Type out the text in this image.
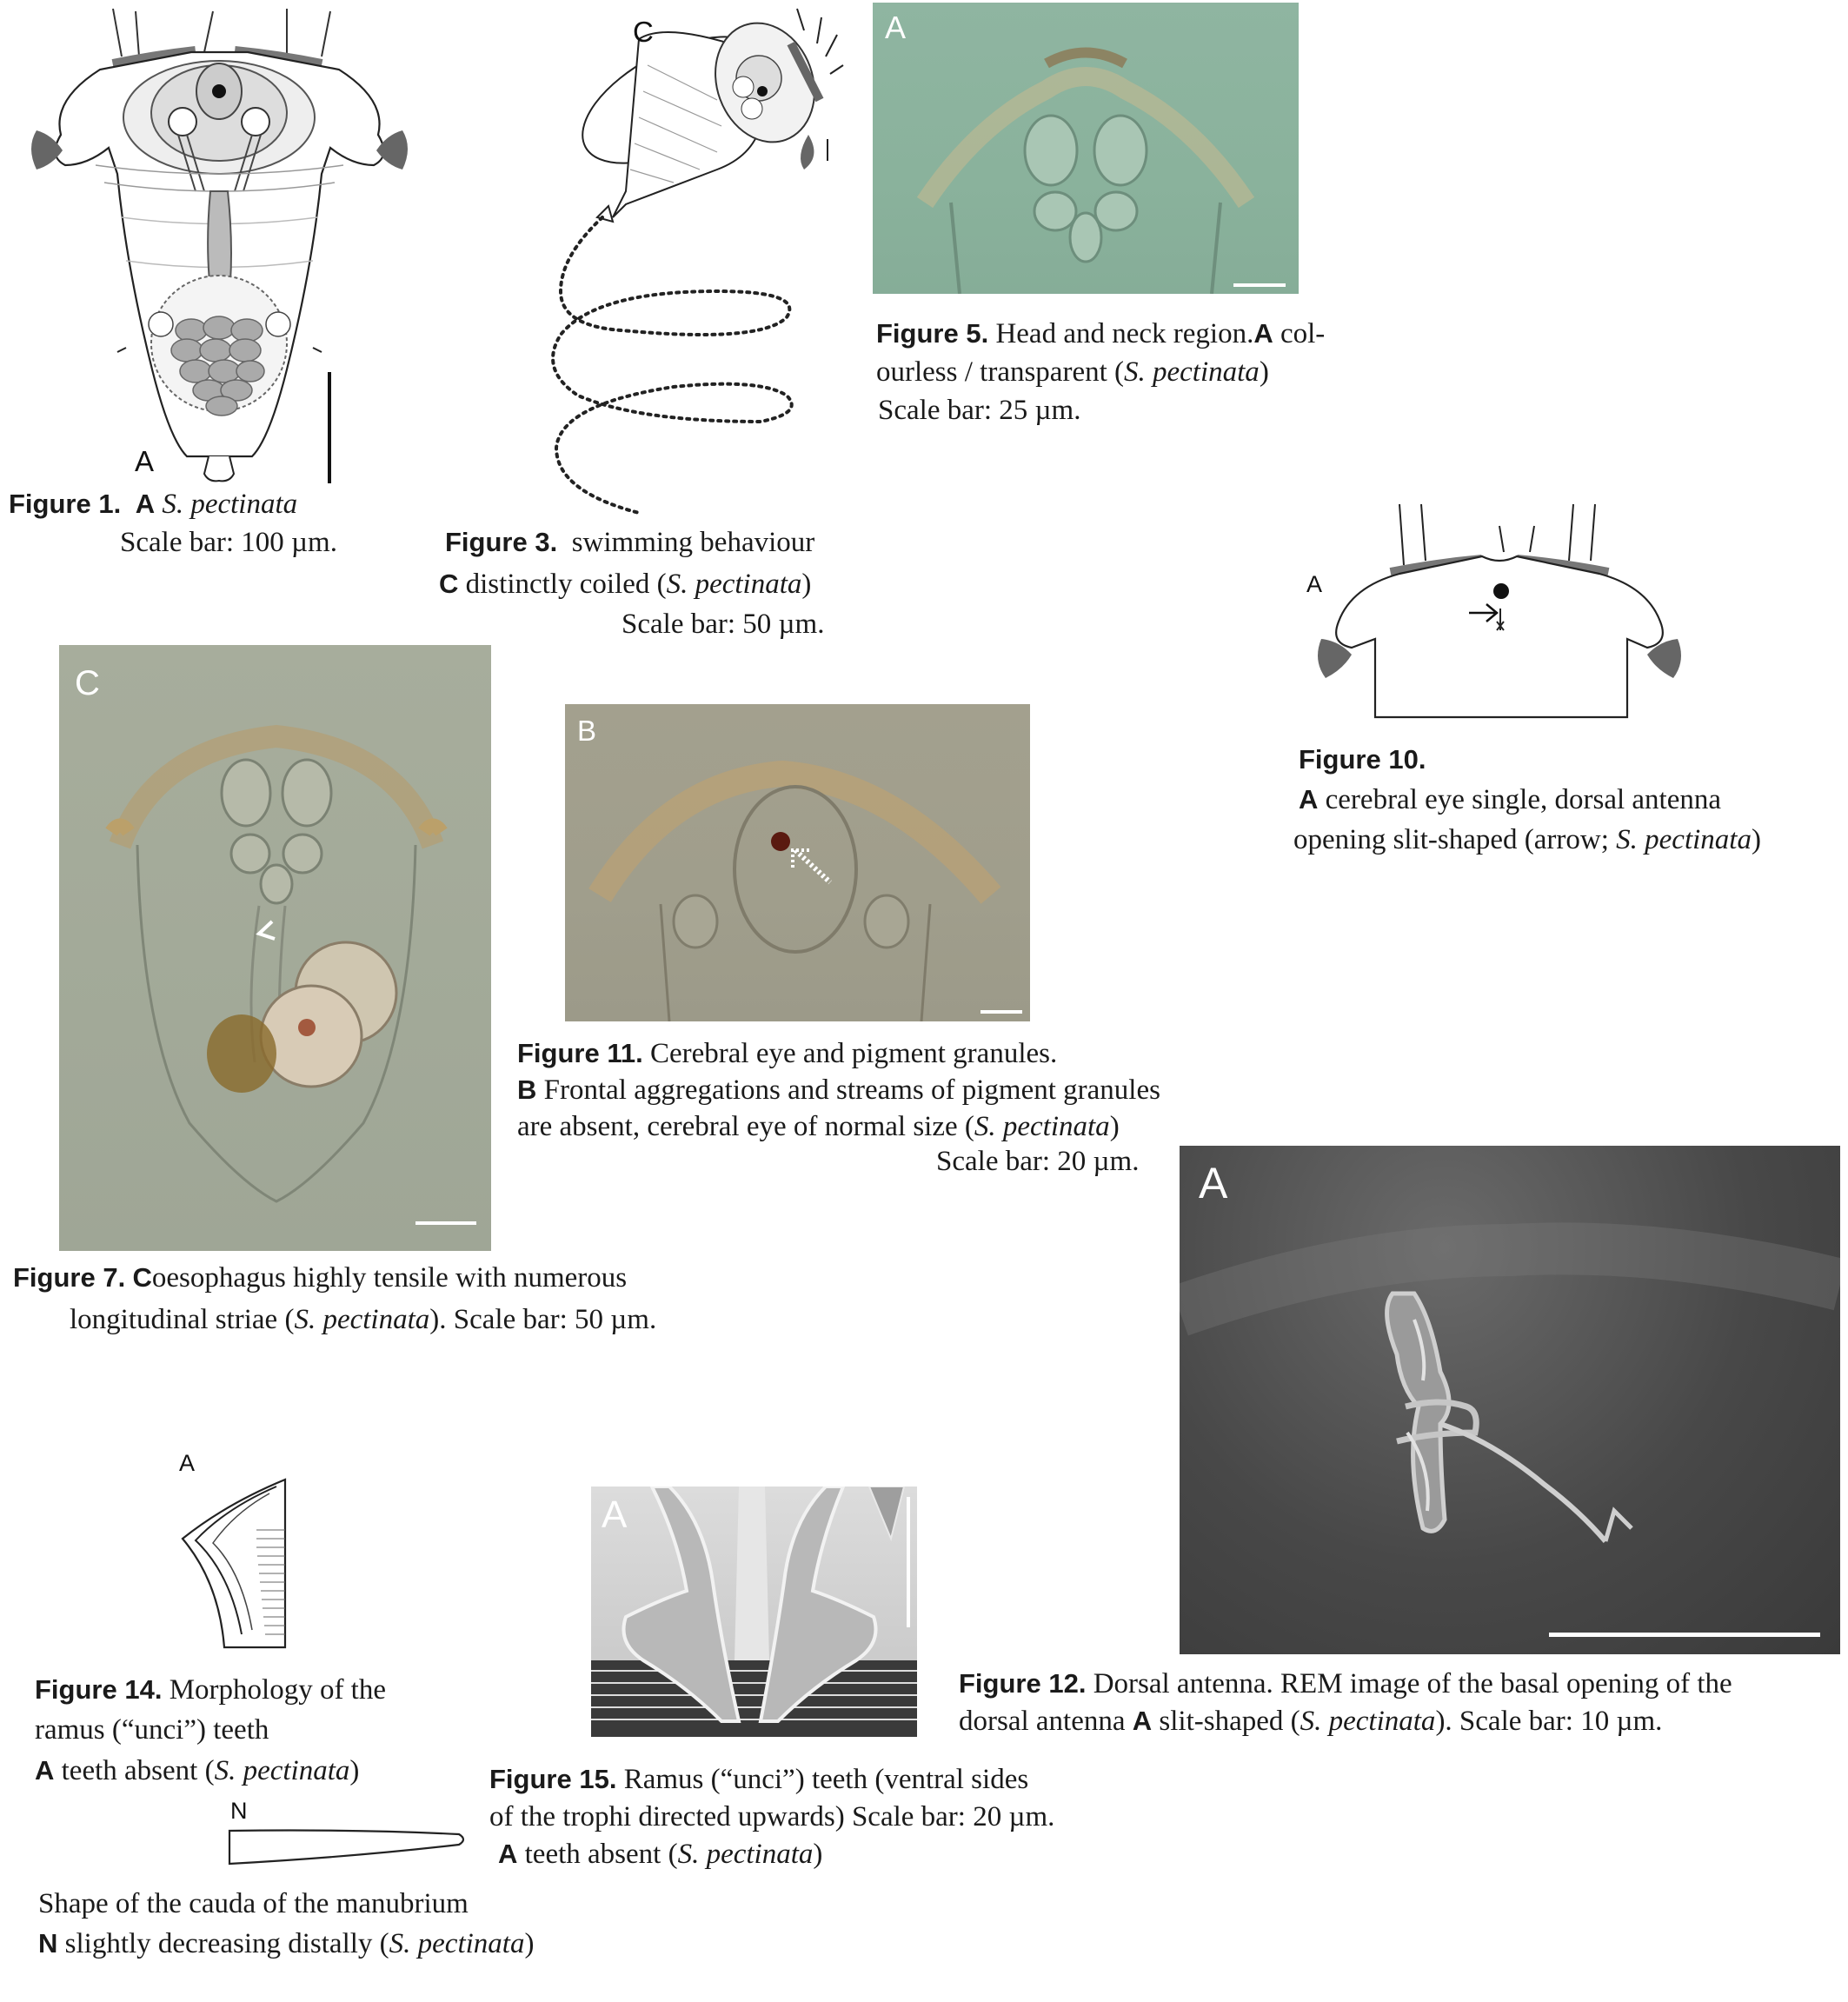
A
Figure 1. A S. pectinata
Scale bar: 100 µm.
C
Figure 3. swimming behaviour
C distinctly coiled (S. pectinata)
Scale bar: 50 µm.
A
Figure 5. Head and neck region.A col-
ourless / transparent (S. pectinata)
Scale bar: 25 µm.
A
Figure 10.
A cerebral eye single, dorsal antenna
opening slit-shaped (arrow; S. pectinata)
C
Figure 7. Coesophagus highly tensile with numerous
longitudinal striae (S. pectinata). Scale bar: 50 µm.
B
Figure 11. Cerebral eye and pigment granules.
B Frontal aggregations and streams of pigment granules
are absent, cerebral eye of normal size (S. pectinata)
Scale bar: 20 µm. A
Figure 12. Dorsal antenna. REM image of the basal opening of the
dorsal antenna A slit-shaped (S. pectinata). Scale bar: 10 µm.
A
Figure 14. Morphology of the
ramus (“unci”) teeth
A teeth absent (S. pectinata)
N
Shape of the cauda of the manubrium
N slightly decreasing distally (S. pectinata)
A
Figure 15. Ramus (“unci”) teeth (ventral sides
of the trophi directed upwards) Scale bar: 20 µm.
A teeth absent (S. pectinata)
